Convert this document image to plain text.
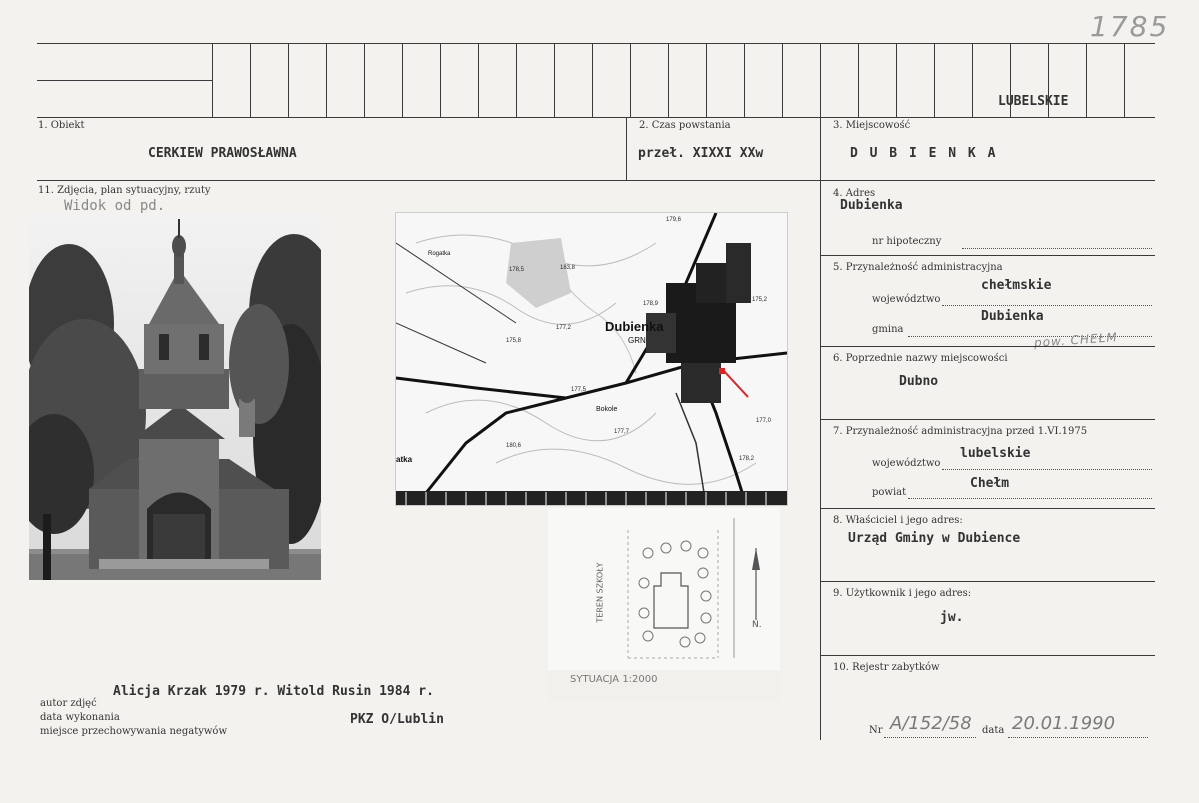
1785
LUBELSKIE
1. Obiekt
CERKIEW PRAWOSŁAWNA
2. Czas powstania
przeł. XIXXI XXw
3. Miejscowość
D U B I E N K A
4. Adres
Dubienka
nr hipoteczny
5. Przynależność administracyjna
województwo
chełmskie
gmina
Dubienka
pow. CHEŁM
6. Poprzednie nazwy miejscowości
Dubno
7. Przynależność administracyjna przed 1.VI.1975
województwo
lubelskie
powiat
Chełm
8. Właściciel i jego adres:
Urząd Gminy w Dubience
9. Użytkownik i jego adres:
jw.
10. Rejestr zabytków
Nr A/152/58 data 20.01.1990
11. Zdjęcia, plan sytuacyjny, rzuty
Widok od pd.
Dubienka
GRN
Bokole
atka
Rogatka
178,5	183,8
175,2
177,2
175,8
177,5
180,6
177,7
178,2
178,9
179,6
177,0
TEREN SZKOŁY
N.
SYTUACJA 1:2000
autor zdjęć
Alicja Krzak 1979 r. Witold Rusin 1984 r.
data wykonania
miejsce przechowywania negatywów
PKZ O/Lublin
